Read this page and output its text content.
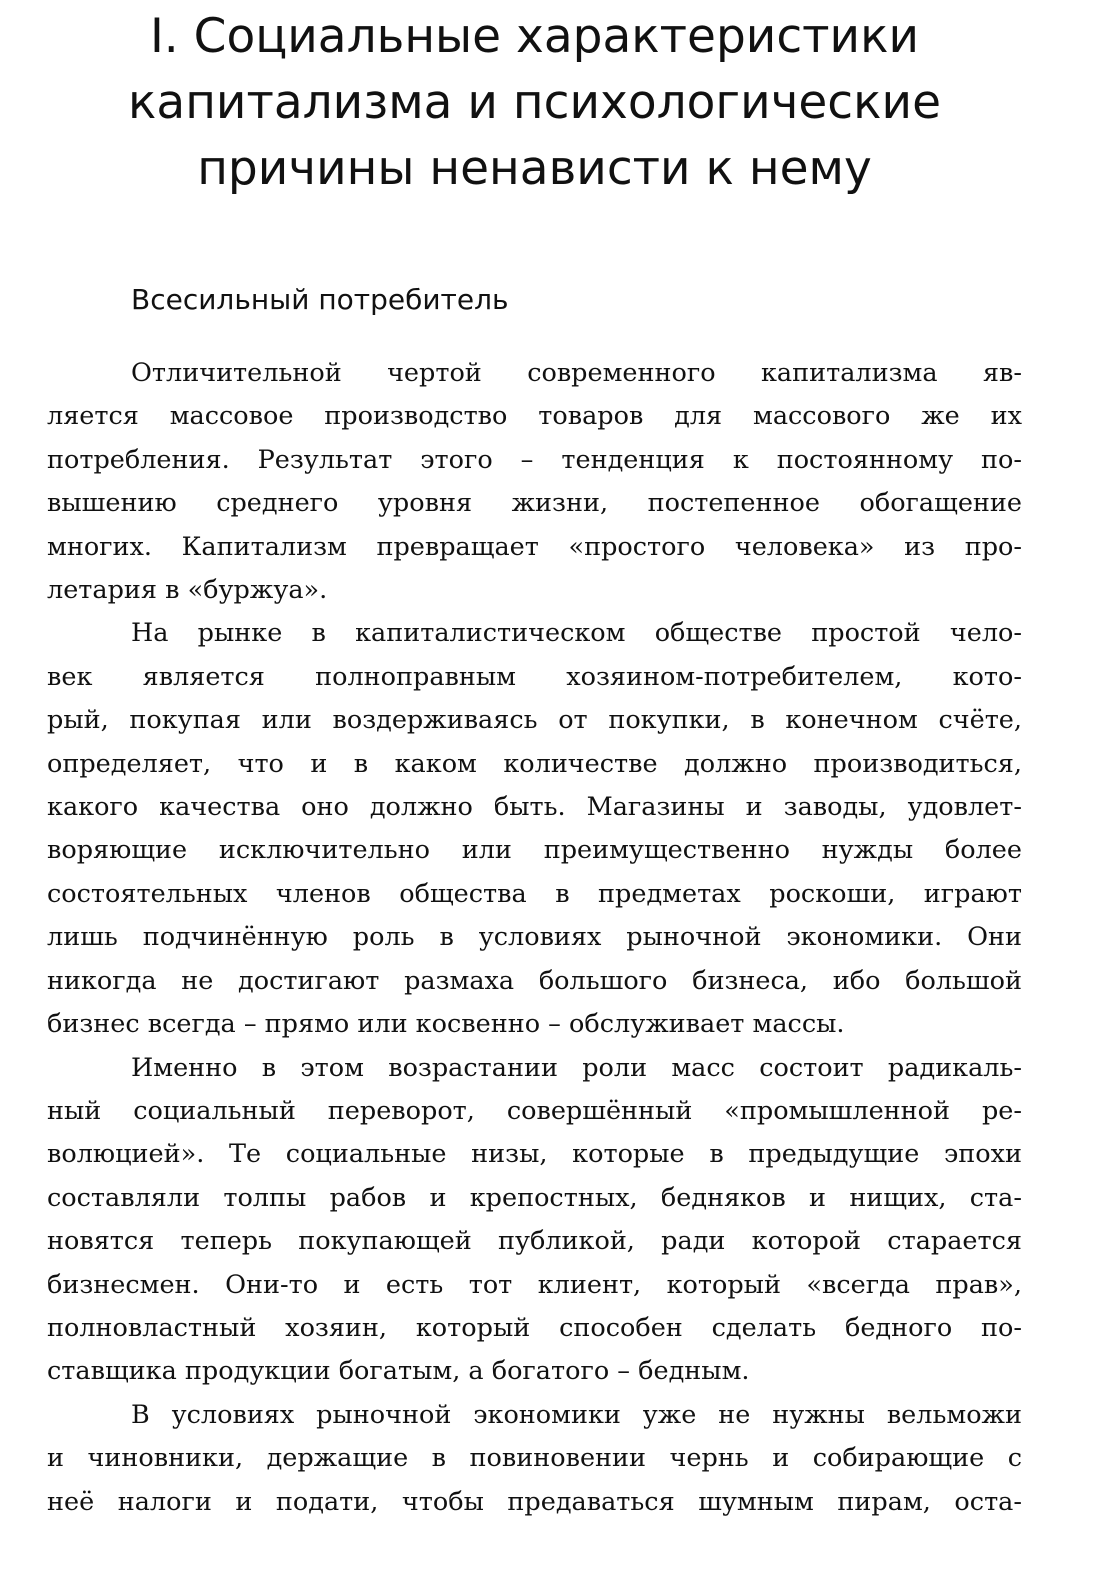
I. Социальные характеристики
капитализма и психологические
причины ненависти к нему
Всесильный потребитель

Отличительной чертой современного капитализма яв-
ляется массовое производство товаров для массового же их
потребления. Результат этого – тенденция к постоянному по-
вышению среднего уровня жизни, постепенное обогащение
многих. Капитализм превращает «простого человека» из про-
летария в «буржуа».

На рынке в капиталистическом обществе простой чело-
век является полноправным хозяином-потребителем, кото-
рый, покупая или воздерживаясь от покупки, в конечном счёте,
определяет, что и в каком количестве должно производиться,
какого качества оно должно быть. Магазины и заводы, удовлет-
воряющие исключительно или преимущественно нужды более
состоятельных членов общества в предметах роскоши, играют
лишь подчинённую роль в условиях рыночной экономики. Они
никогда не достигают размаха большого бизнеса, ибо большой
бизнес всегда – прямо или косвенно – обслуживает массы.

Именно в этом возрастании роли масс состоит радикаль-
ный социальный переворот, совершённый «промышленной ре-
волюцией». Те социальные низы, которые в предыдущие эпохи
составляли толпы рабов и крепостных, бедняков и нищих, ста-
новятся теперь покупающей публикой, ради которой старается
бизнесмен. Они-то и есть тот клиент, который «всегда прав»,
полновластный хозяин, который способен сделать бедного по-
ставщика продукции богатым, а богатого – бедным.

В условиях рыночной экономики уже не нужны вельможи
и чиновники, держащие в повиновении чернь и собирающие с
неё налоги и подати, чтобы предаваться шумным пирам, оста-
